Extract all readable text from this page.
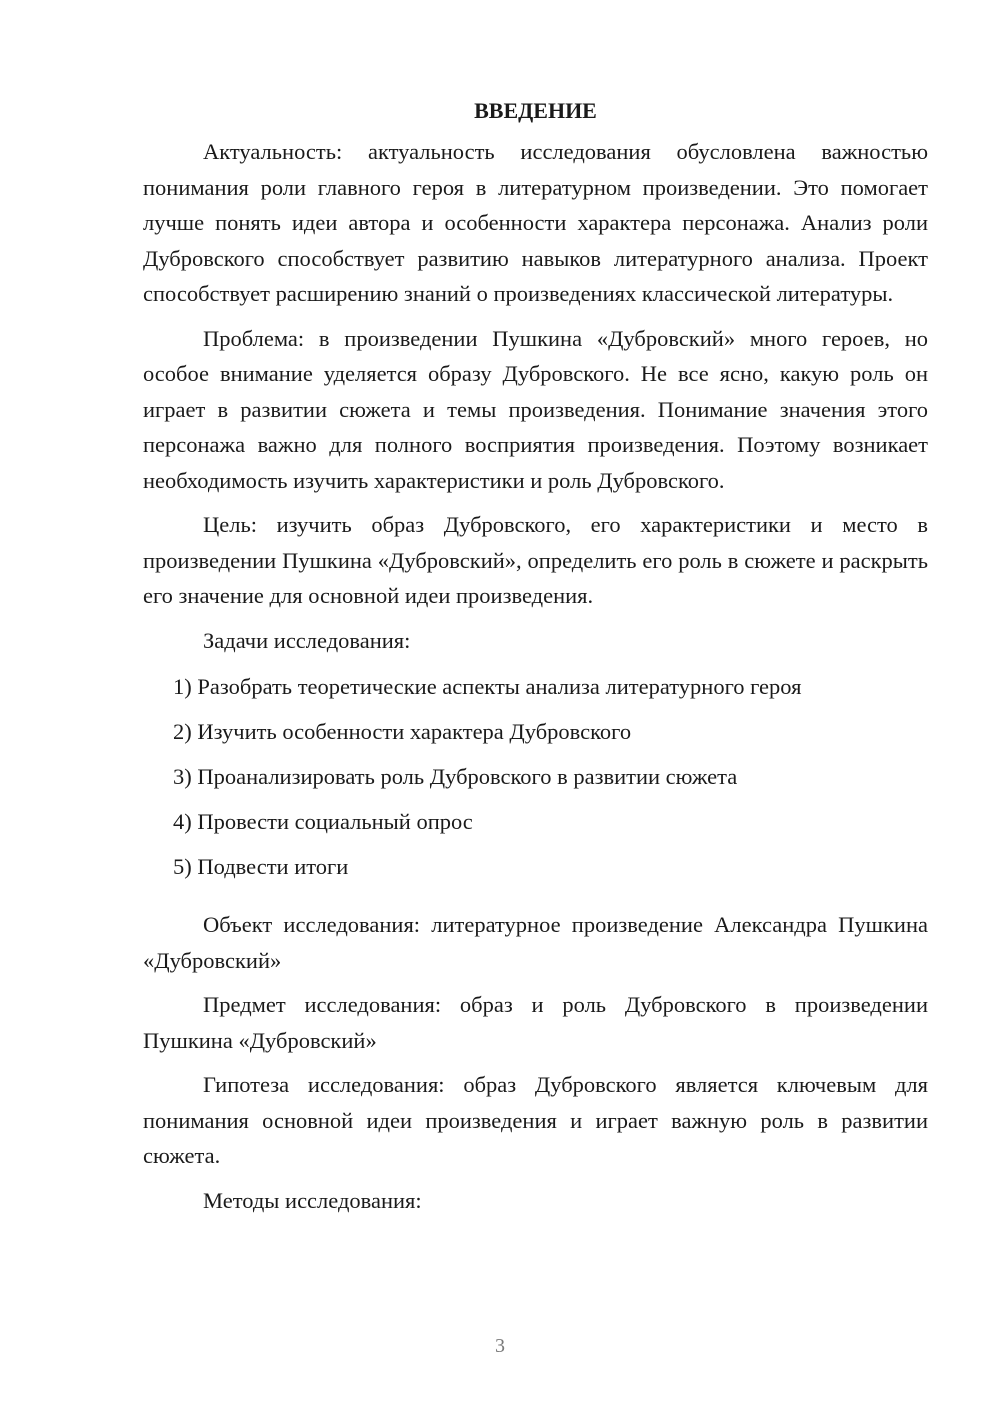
ВВЕДЕНИЕ

Актуальность: актуальность исследования обусловлена важностью понимания роли главного героя в литературном произведении. Это помогает лучше понять идеи автора и особенности характера персонажа. Анализ роли Дубровского способствует развитию навыков литературного анализа. Проект способствует расширению знаний о произведениях классической литературы.

Проблема: в произведении Пушкина «Дубровский» много героев, но особое внимание уделяется образу Дубровского. Не все ясно, какую роль он играет в развитии сюжета и темы произведения. Понимание значения этого персонажа важно для полного восприятия произведения. Поэтому возникает необходимость изучить характеристики и роль Дубровского.

Цель: изучить образ Дубровского, его характеристики и место в произведении Пушкина «Дубровский», определить его роль в сюжете и раскрыть его значение для основной идеи произведения.

Задачи исследования:

1) Разобрать теоретические аспекты анализа литературного героя
2) Изучить особенности характера Дубровского
3) Проанализировать роль Дубровского в развитии сюжета
4) Провести социальный опрос
5) Подвести итоги

Объект исследования: литературное произведение Александра Пушкина «Дубровский»

Предмет исследования: образ и роль Дубровского в произведении Пушкина «Дубровский»

Гипотеза исследования: образ Дубровского является ключевым для понимания основной идеи произведения и играет важную роль в развитии сюжета.

Методы исследования:

3
